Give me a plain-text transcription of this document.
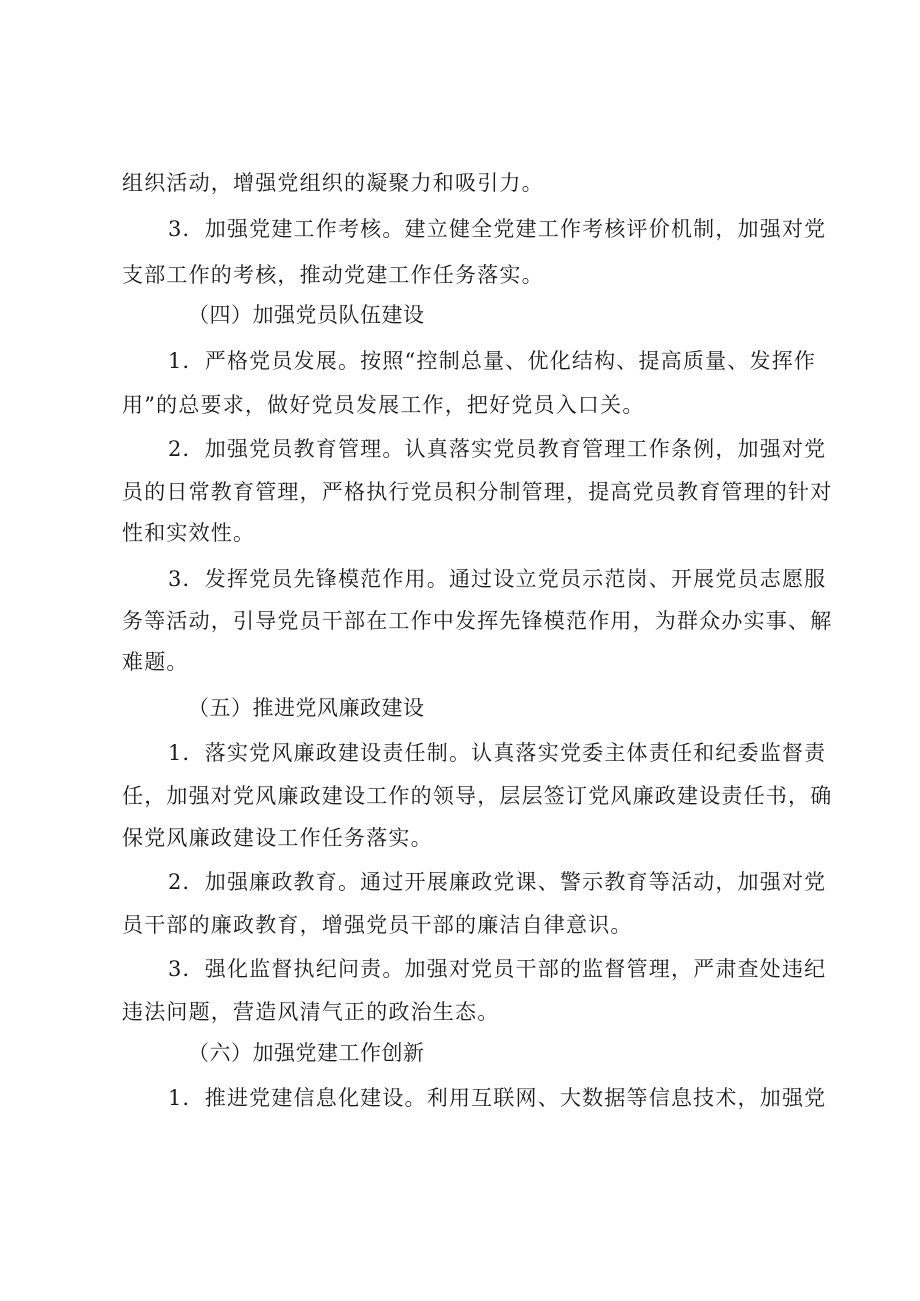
组织活动，增强党组织的凝聚力和吸引力。
3．加强党建工作考核。建立健全党建工作考核评价机制，加强对党
支部工作的考核，推动党建工作任务落实。
（四）加强党员队伍建设
1．严格党员发展。按照“控制总量、优化结构、提高质量、发挥作
用”的总要求，做好党员发展工作，把好党员入口关。
2．加强党员教育管理。认真落实党员教育管理工作条例，加强对党
员的日常教育管理，严格执行党员积分制管理，提高党员教育管理的针对
性和实效性。
3．发挥党员先锋模范作用。通过设立党员示范岗、开展党员志愿服
务等活动，引导党员干部在工作中发挥先锋模范作用，为群众办实事、解
难题。
（五）推进党风廉政建设
1．落实党风廉政建设责任制。认真落实党委主体责任和纪委监督责
任，加强对党风廉政建设工作的领导，层层签订党风廉政建设责任书，确
保党风廉政建设工作任务落实。
2．加强廉政教育。通过开展廉政党课、警示教育等活动，加强对党
员干部的廉政教育，增强党员干部的廉洁自律意识。
3．强化监督执纪问责。加强对党员干部的监督管理，严肃查处违纪
违法问题，营造风清气正的政治生态。
（六）加强党建工作创新
1．推进党建信息化建设。利用互联网、大数据等信息技术，加强党
